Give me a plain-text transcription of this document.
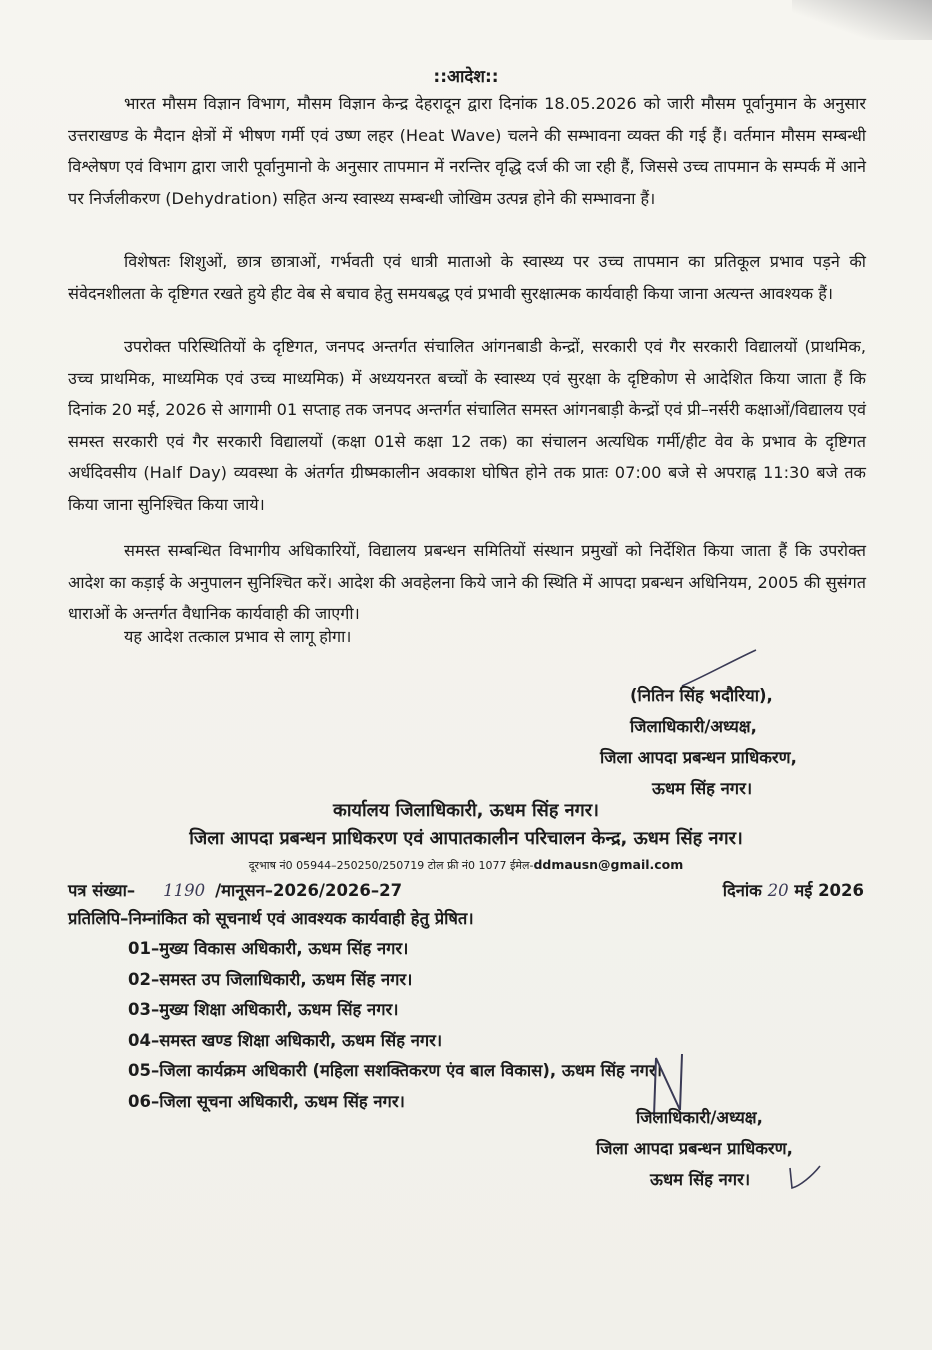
::आदेश::

भारत मौसम विज्ञान विभाग, मौसम विज्ञान केन्द्र देहरादून द्वारा दिनांक 18.05.2026 को जारी मौसम पूर्वानुमान के अनुसार उत्तराखण्ड के मैदान क्षेत्रों में भीषण गर्मी एवं उष्ण लहर (Heat Wave) चलने की सम्भावना व्यक्त की गई हैं। वर्तमान मौसम सम्बन्धी विश्लेषण एवं विभाग द्वारा जारी पूर्वानुमानो के अनुसार तापमान में नरन्तिर वृद्धि दर्ज की जा रही हैं, जिससे उच्च तापमान के सम्पर्क में आने पर निर्जलीकरण (Dehydration) सहित अन्य स्वास्थ्य सम्बन्धी जोखिम उत्पन्न होने की सम्भावना हैं।

विशेषतः शिशुओं, छात्र छात्राओं, गर्भवती एवं धात्री माताओ के स्वास्थ्य पर उच्च तापमान का प्रतिकूल प्रभाव पड़ने की संवेदनशीलता के दृष्टिगत रखते हुये हीट वेब से बचाव हेतु समयबद्ध एवं प्रभावी सुरक्षात्मक कार्यवाही किया जाना अत्यन्त आवश्यक हैं।

उपरोक्त परिस्थितियों के दृष्टिगत, जनपद अन्तर्गत संचालित आंगनबाडी केन्द्रों, सरकारी एवं गैर सरकारी विद्यालयों (प्राथमिक, उच्च प्राथमिक, माध्यमिक एवं उच्च माध्यमिक) में अध्ययनरत बच्चों के स्वास्थ्य एवं सुरक्षा के दृष्टिकोण से आदेशित किया जाता हैं कि दिनांक 20 मई, 2026 से आगामी 01 सप्ताह तक जनपद अन्तर्गत संचालित समस्त आंगनबाड़ी केन्द्रों एवं प्री–नर्सरी कक्षाओं/विद्यालय एवं समस्त सरकारी एवं गैर सरकारी विद्यालयों (कक्षा 01से कक्षा 12 तक) का संचालन अत्यधिक गर्मी/हीट वेव के प्रभाव के दृष्टिगत अर्धदिवसीय (Half Day) व्यवस्था के अंतर्गत ग्रीष्मकालीन अवकाश घोषित होने तक प्रातः 07:00 बजे से अपराह्न 11:30 बजे तक किया जाना सुनिश्चित किया जाये।

समस्त सम्बन्धित विभागीय अधिकारियों, विद्यालय प्रबन्धन समितियों संस्थान प्रमुखों को निर्देशित किया जाता हैं कि उपरोक्त आदेश का कड़ाई के अनुपालन सुनिश्चित करें। आदेश की अवहेलना किये जाने की स्थिति में आपदा प्रबन्धन अधिनियम, 2005 की सुसंगत धाराओं के अन्तर्गत वैधानिक कार्यवाही की जाएगी।

यह आदेश तत्काल प्रभाव से लागू होगा।

(नितिन सिंह भदौरिया),
जिलाधिकारी/अध्यक्ष,
जिला आपदा प्रबन्धन प्राधिकरण,
ऊधम सिंह नगर।
कार्यालय जिलाधिकारी, ऊधम सिंह नगर।
जिला आपदा प्रबन्धन प्राधिकरण एवं आपातकालीन परिचालन केन्द्र, ऊधम सिंह नगर।
दूरभाष नं0 05944–250250/250719 टोल फ्री नं0 1077 ईमेल-ddmausn@gmail.com
पत्र संख्या– 1190 /मानूसन–2026/2026–27	दिनांक 20 मई 2026
प्रतिलिपि–निम्नांकित को सूचनार्थ एवं आवश्यक कार्यवाही हेतु प्रेषित।
01–मुख्य विकास अधिकारी, ऊधम सिंह नगर।
02–समस्त उप जिलाधिकारी, ऊधम सिंह नगर।
03–मुख्य शिक्षा अधिकारी, ऊधम सिंह नगर।
04–समस्त खण्ड शिक्षा अधिकारी, ऊधम सिंह नगर।
05–जिला कार्यक्रम अधिकारी (महिला सशक्तिकरण एंव बाल विकास), ऊधम सिंह नगर।
06–जिला सूचना अधिकारी, ऊधम सिंह नगर।
जिलाधिकारी/अध्यक्ष,
जिला आपदा प्रबन्धन प्राधिकरण,
ऊधम सिंह नगर।
